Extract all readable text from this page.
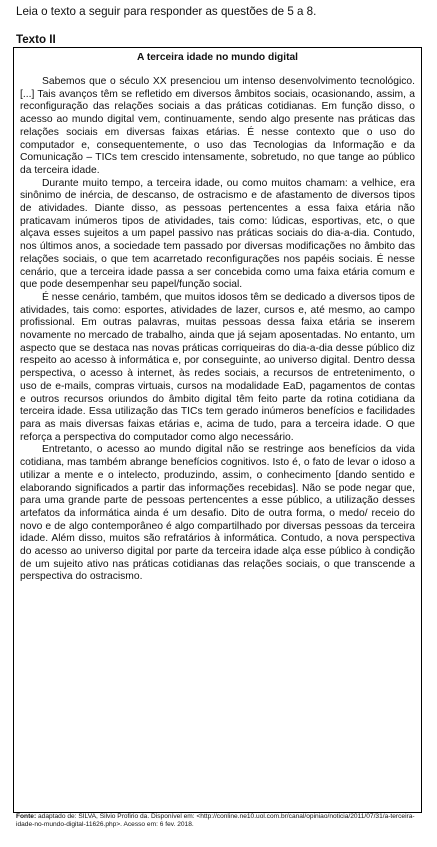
Leia o texto a seguir para responder as questões de 5 a 8.
Texto II
A terceira idade no mundo digital

Sabemos que o século XX presenciou um intenso desenvolvimento tecnológico. [...] Tais avanços têm se refletido em diversos âmbitos sociais, ocasionando, assim, a reconfiguração das relações sociais a das práticas cotidianas. Em função disso, o acesso ao mundo digital vem, continuamente, sendo algo presente nas práticas das relações sociais em diversas faixas etárias. É nesse contexto que o uso do computador e, consequentemente, o uso das Tecnologias da Informação e da Comunicação – TICs tem crescido intensamente, sobretudo, no que tange ao público da terceira idade.

Durante muito tempo, a terceira idade, ou como muitos chamam: a velhice, era sinônimo de inércia, de descanso, de ostracismo e de afastamento de diversos tipos de atividades. Diante disso, as pessoas pertencentes a essa faixa etária não praticavam inúmeros tipos de atividades, tais como: lúdicas, esportivas, etc, o que alçava esses sujeitos a um papel passivo nas práticas sociais do dia-a-dia. Contudo, nos últimos anos, a sociedade tem passado por diversas modificações no âmbito das relações sociais, o que tem acarretado reconfigurações nos papéis sociais. É nesse cenário, que a terceira idade passa a ser concebida como uma faixa etária comum e que pode desempenhar seu papel/função social.

É nesse cenário, também, que muitos idosos têm se dedicado a diversos tipos de atividades, tais como: esportes, atividades de lazer, cursos e, até mesmo, ao campo profissional. Em outras palavras, muitas pessoas dessa faixa etária se inserem novamente no mercado de trabalho, ainda que já sejam aposentadas. No entanto, um aspecto que se destaca nas novas práticas corriqueiras do dia-a-dia desse público diz respeito ao acesso à informática e, por conseguinte, ao universo digital. Dentro dessa perspectiva, o acesso à internet, às redes sociais, a recursos de entretenimento, o uso de e-mails, compras virtuais, cursos na modalidade EaD, pagamentos de contas e outros recursos oriundos do âmbito digital têm feito parte da rotina cotidiana da terceira idade. Essa utilização das TICs tem gerado inúmeros benefícios e facilidades para as mais diversas faixas etárias e, acima de tudo, para a terceira idade. O que reforça a perspectiva do computador como algo necessário.

Entretanto, o acesso ao mundo digital não se restringe aos benefícios da vida cotidiana, mas também abrange benefícios cognitivos. Isto é, o fato de levar o idoso a utilizar a mente e o intelecto, produzindo, assim, o conhecimento [dando sentido e elaborando significados a partir das informações recebidas]. Não se pode negar que, para uma grande parte de pessoas pertencentes a esse público, a utilização desses artefatos da informática ainda é um desafio. Dito de outra forma, o medo/ receio do novo e de algo contemporâneo é algo compartilhado por diversas pessoas da terceira idade. Além disso, muitos são refratários à informática. Contudo, a nova perspectiva do acesso ao universo digital por parte da terceira idade alça esse público à condição de um sujeito ativo nas práticas cotidianas das relações sociais, o que transcende a perspectiva do ostracismo.

Fonte: adaptado de: SILVA, Silvio Profirio da. Disponível em: <http://conline.ne10.uol.com.br/canal/opiniao/noticia/2011/07/31/a-terceira-idade-no-mundo-digital-11626.php>. Acesso em: 6 fev. 2018.
